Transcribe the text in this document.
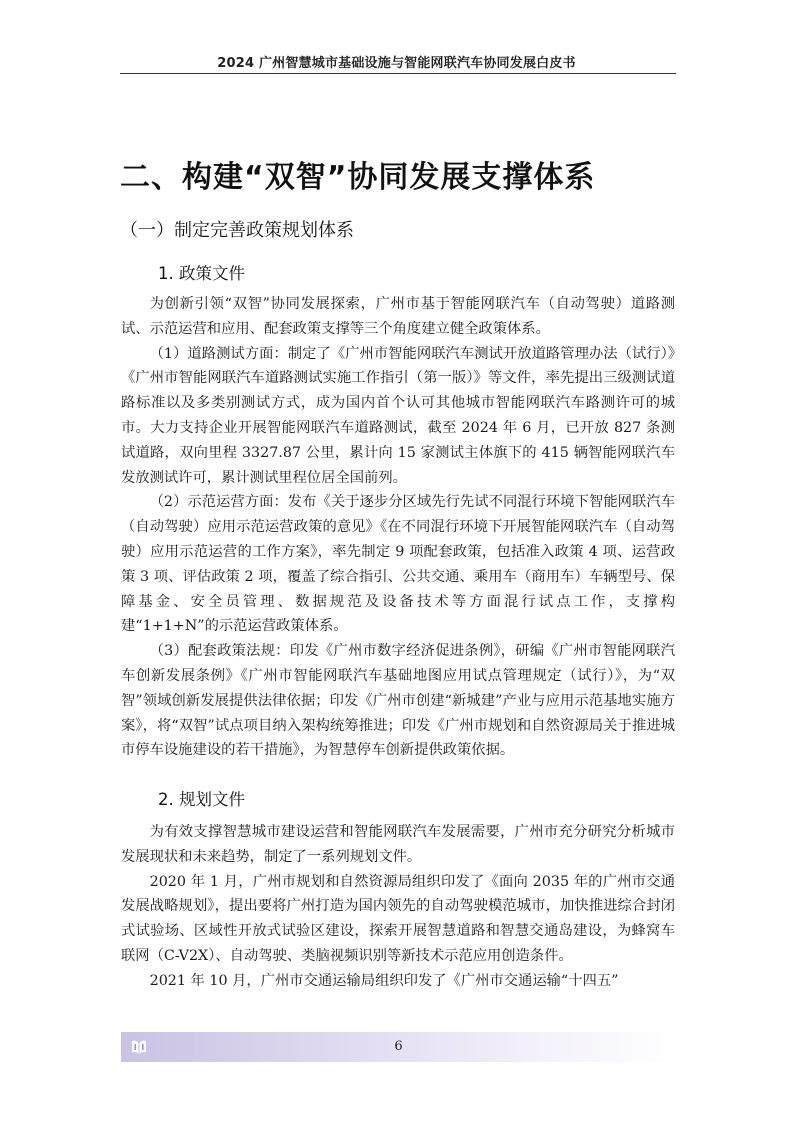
2024 广州智慧城市基础设施与智能网联汽车协同发展白皮书
二、构建“双智”协同发展支撑体系
（一）制定完善政策规划体系
1. 政策文件

为创新引领“双智”协同发展探索，广州市基于智能网联汽车（自动驾驶）道路测试、示范运营和应用、配套政策支撑等三个角度建立健全政策体系。

（1）道路测试方面：制定了《广州市智能网联汽车测试开放道路管理办法（试行）》《广州市智能网联汽车道路测试实施工作指引（第一版）》等文件，率先提出三级测试道路标准以及多类别测试方式，成为国内首个认可其他城市智能网联汽车路测许可的城市。大力支持企业开展智能网联汽车道路测试，截至 2024 年 6 月，已开放 827 条测试道路，双向里程 3327.87 公里，累计向 15 家测试主体旗下的 415 辆智能网联汽车发放测试许可，累计测试里程位居全国前列。

（2）示范运营方面：发布《关于逐步分区域先行先试不同混行环境下智能网联汽车（自动驾驶）应用示范运营政策的意见》《在不同混行环境下开展智能网联汽车（自动驾驶）应用示范运营的工作方案》，率先制定 9 项配套政策，包括准入政策 4 项、运营政策 3 项、评估政策 2 项，覆盖了综合指引、公共交通、乘用车（商用车）车辆型号、保障基金、安全员管理、数据规范及设备技术等方面混行试点工作，支撑构建“1+1+N”的示范运营政策体系。

（3）配套政策法规：印发《广州市数字经济促进条例》，研编《广州市智能网联汽车创新发展条例》《广州市智能网联汽车基础地图应用试点管理规定（试行）》，为“双智”领域创新发展提供法律依据；印发《广州市创建“新城建”产业与应用示范基地实施方案》，将“双智”试点项目纳入架构统筹推进；印发《广州市规划和自然资源局关于推进城市停车设施建设的若干措施》，为智慧停车创新提供政策依据。

2. 规划文件

为有效支撑智慧城市建设运营和智能网联汽车发展需要，广州市充分研究分析城市发展现状和未来趋势，制定了一系列规划文件。

2020 年 1 月，广州市规划和自然资源局组织印发了《面向 2035 年的广州市交通发展战略规划》，提出要将广州打造为国内领先的自动驾驶模范城市，加快推进综合封闭式试验场、区域性开放式试验区建设，探索开展智慧道路和智慧交通岛建设，为蜂窝车联网（C-V2X）、自动驾驶、类脑视频识别等新技术示范应用创造条件。

2021 年 10 月，广州市交通运输局组织印发了《广州市交通运输“十四五”

6
